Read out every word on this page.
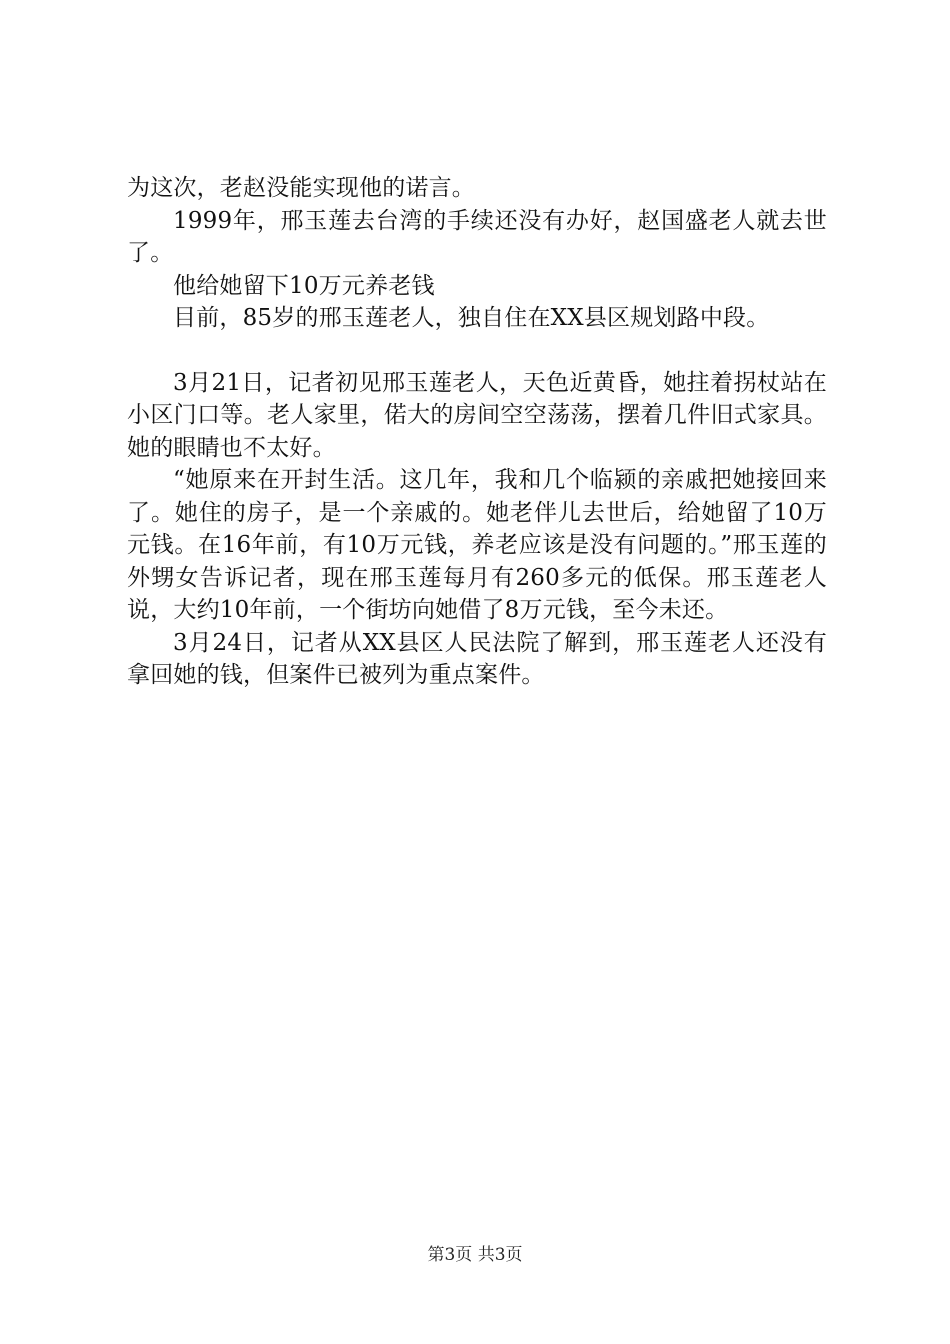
为这次，老赵没能实现他的诺言。

1999年，邢玉莲去台湾的手续还没有办好，赵国盛老人就去世了。

他给她留下10万元养老钱

目前，85岁的邢玉莲老人，独自住在XX县区规划路中段。

3月21日，记者初见邢玉莲老人，天色近黄昏，她拄着拐杖站在小区门口等。老人家里，偌大的房间空空荡荡，摆着几件旧式家具。她的眼睛也不太好。

“她原来在开封生活。这几年，我和几个临颍的亲戚把她接回来了。她住的房子，是一个亲戚的。她老伴儿去世后，给她留了10万元钱。在16年前，有10万元钱，养老应该是没有问题的。”邢玉莲的外甥女告诉记者，现在邢玉莲每月有260多元的低保。邢玉莲老人说，大约10年前，一个街坊向她借了8万元钱，至今未还。

3月24日，记者从XX县区人民法院了解到，邢玉莲老人还没有拿回她的钱，但案件已被列为重点案件。

第3页 共3页
